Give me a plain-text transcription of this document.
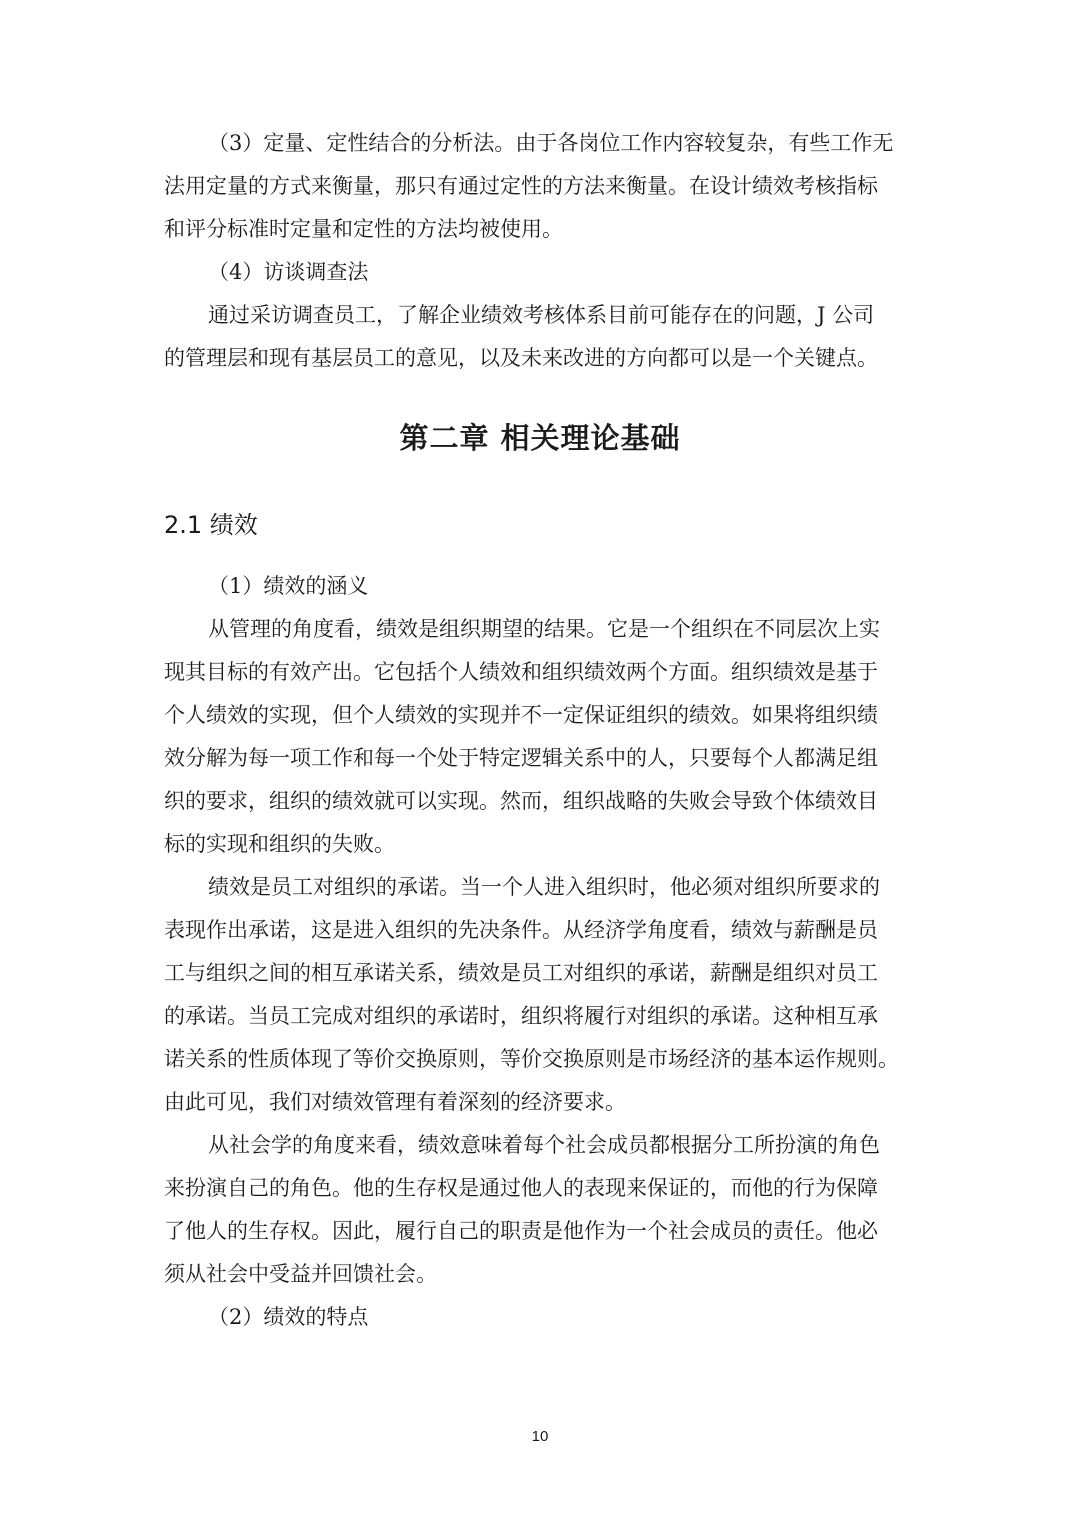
（3）定量、定性结合的分析法。由于各岗位工作内容较复杂，有些工作无
法用定量的方式来衡量，那只有通过定性的方法来衡量。在设计绩效考核指标
和评分标准时定量和定性的方法均被使用。
（4）访谈调查法
通过采访调查员工，了解企业绩效考核体系目前可能存在的问题，J 公司
的管理层和现有基层员工的意见，以及未来改进的方向都可以是一个关键点。
第二章 相关理论基础
2.1 绩效
（1）绩效的涵义
从管理的角度看，绩效是组织期望的结果。它是一个组织在不同层次上实
现其目标的有效产出。它包括个人绩效和组织绩效两个方面。组织绩效是基于
个人绩效的实现，但个人绩效的实现并不一定保证组织的绩效。如果将组织绩
效分解为每一项工作和每一个处于特定逻辑关系中的人，只要每个人都满足组
织的要求，组织的绩效就可以实现。然而，组织战略的失败会导致个体绩效目
标的实现和组织的失败。
绩效是员工对组织的承诺。当一个人进入组织时，他必须对组织所要求的
表现作出承诺，这是进入组织的先决条件。从经济学角度看，绩效与薪酬是员
工与组织之间的相互承诺关系，绩效是员工对组织的承诺，薪酬是组织对员工
的承诺。当员工完成对组织的承诺时，组织将履行对组织的承诺。这种相互承
诺关系的性质体现了等价交换原则，等价交换原则是市场经济的基本运作规则。
由此可见，我们对绩效管理有着深刻的经济要求。
从社会学的角度来看，绩效意味着每个社会成员都根据分工所扮演的角色
来扮演自己的角色。他的生存权是通过他人的表现来保证的，而他的行为保障
了他人的生存权。因此，履行自己的职责是他作为一个社会成员的责任。他必
须从社会中受益并回馈社会。
（2）绩效的特点
10
